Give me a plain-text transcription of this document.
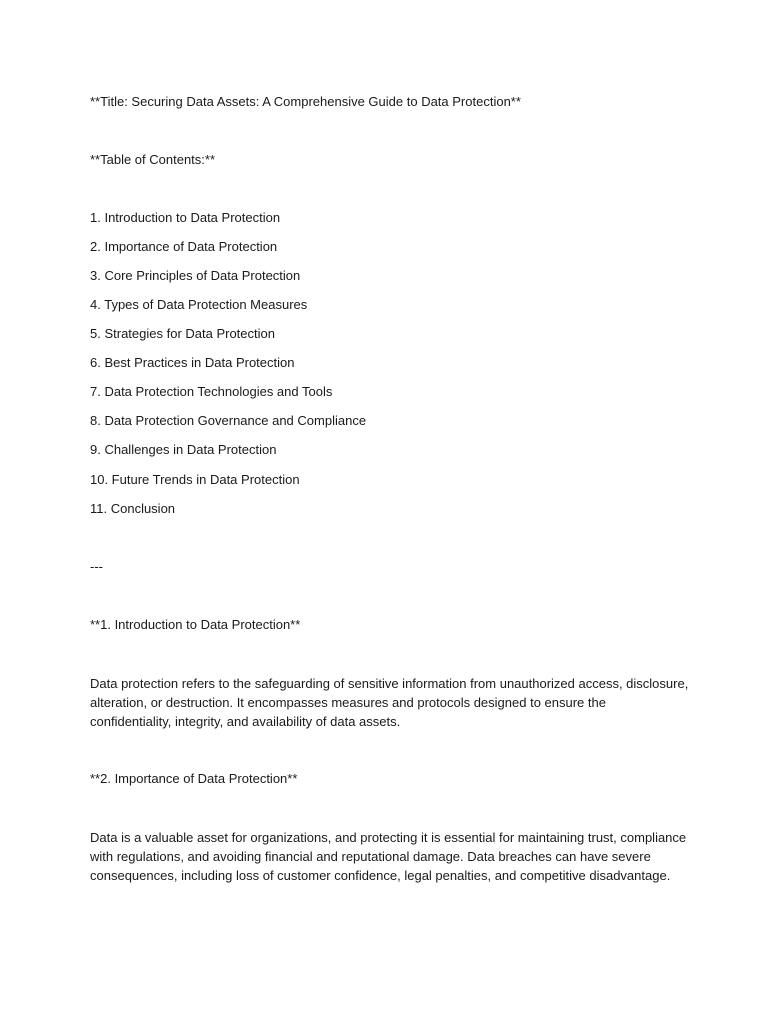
**Title: Securing Data Assets: A Comprehensive Guide to Data Protection**
**Table of Contents:**
1. Introduction to Data Protection
2. Importance of Data Protection
3. Core Principles of Data Protection
4. Types of Data Protection Measures
5. Strategies for Data Protection
6. Best Practices in Data Protection
7. Data Protection Technologies and Tools
8. Data Protection Governance and Compliance
9. Challenges in Data Protection
10. Future Trends in Data Protection
11. Conclusion
---
**1. Introduction to Data Protection**
Data protection refers to the safeguarding of sensitive information from unauthorized access, disclosure, alteration, or destruction. It encompasses measures and protocols designed to ensure the confidentiality, integrity, and availability of data assets.
**2. Importance of Data Protection**
Data is a valuable asset for organizations, and protecting it is essential for maintaining trust, compliance with regulations, and avoiding financial and reputational damage. Data breaches can have severe consequences, including loss of customer confidence, legal penalties, and competitive disadvantage.
